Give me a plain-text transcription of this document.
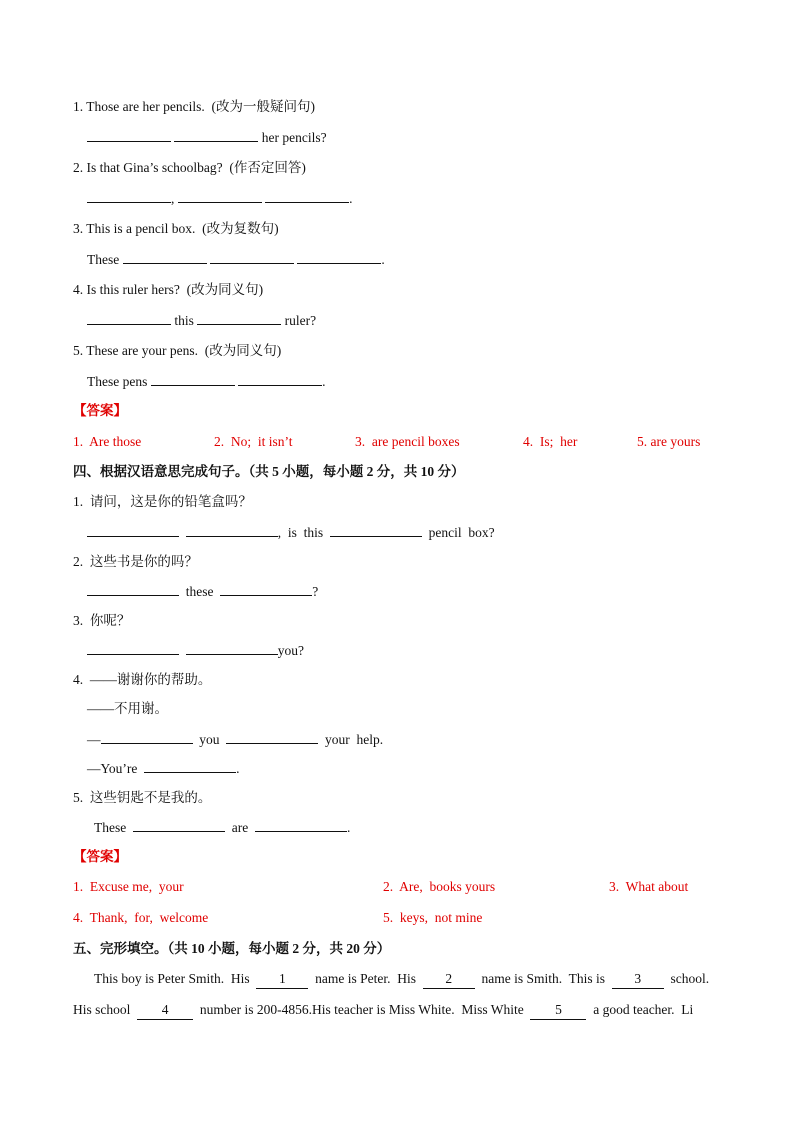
1. Those are her pencils.  (改为一般疑问句)
her pencils?
2. Is that Gina’s schoolbag?  (作否定回答)
,	.
3. This is a pencil box.  (改为复数句)
These	.
4. Is this ruler hers?  (改为同义句)
this	ruler?
5. These are your pens.  (改为同义句)
These pens	.
【答案】
1.  Are those	2.  No;  it isn’t	3.  are pencil boxes	4.  Is;  her	5. are yours
四、根据汉语意思完成句子。（共 5 小题，每小题 2 分，共 10 分）
1.  请问，这是你的铅笔盒吗？
,  is  this	pencil  box?
2.  这些书是你的吗？
these	?
3.  你呢？
you?
4.  ——谢谢你的帮助。
——不用谢。
—	you	your  help.
—You’re	.
5.  这些钥匙不是我的。
These	are	.
【答案】
1.  Excuse me,  your	2.  Are,  books yours	3.  What about
4.  Thank,  for,  welcome	5.  keys,  not mine
五、完形填空。（共 10 小题，每小题 2 分，共 20 分）
This boy is Peter Smith.  His 1 name is Peter.  His 2 name is Smith.  This is 3 school.
His school 4 number is 200-4856.His teacher is Miss White.  Miss White 5 a good teacher.  Li
